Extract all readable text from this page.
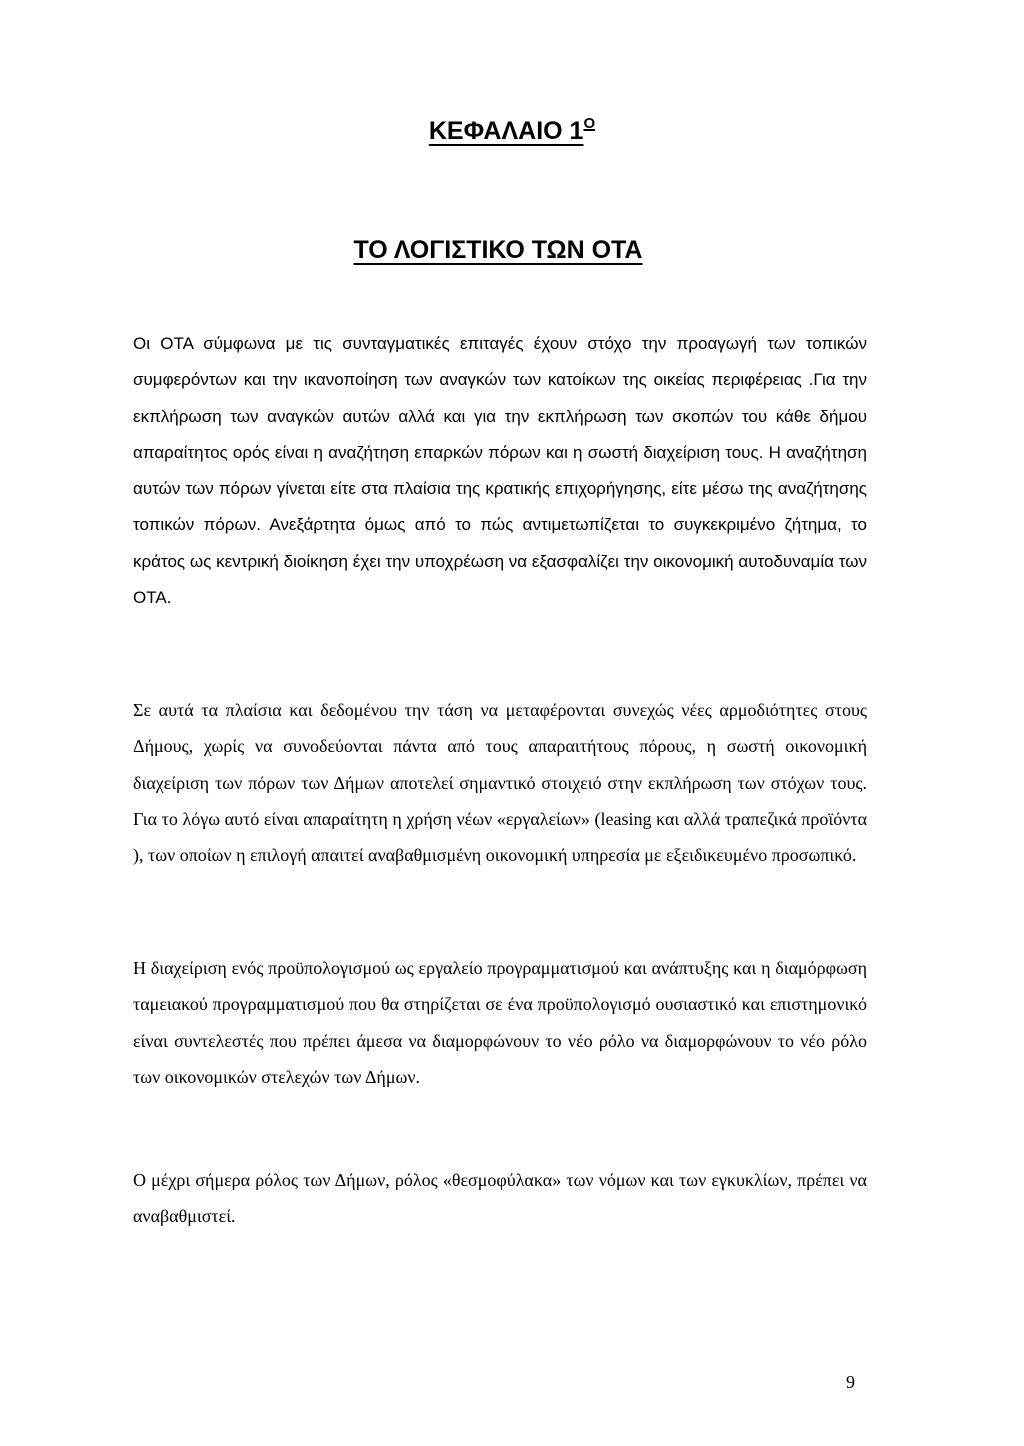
ΚΕΦΑΛΑΙΟ $1^O$
ΤΟ ΛΟΓΙΣΤΙΚΟ ΤΩΝ ΟΤΑ

Οι ΟΤΑ σύμφωνα με τις συνταγματικές επιταγές έχουν στόχο την προαγωγή των τοπικών συμφερόντων και την ικανοποίηση των αναγκών των κατοίκων της οικείας περιφέρειας .Για την εκπλήρωση των αναγκών αυτών αλλά και για την εκπλήρωση των σκοπών του κάθε δήμου απαραίτητος ορός είναι η αναζήτηση επαρκών πόρων και η σωστή διαχείριση τους. Η αναζήτηση αυτών των πόρων γίνεται είτε στα πλαίσια της κρατικής επιχορήγησης, είτε μέσω της αναζήτησης τοπικών πόρων. Ανεξάρτητα όμως από το πώς αντιμετωπίζεται το συγκεκριμένο ζήτημα, το κράτος ως κεντρική διοίκηση έχει την υποχρέωση να εξασφαλίζει την οικονομική αυτοδυναμία των ΟΤΑ.

Σε αυτά τα πλαίσια και δεδομένου την τάση να μεταφέρονται συνεχώς νέες αρμοδιότητες στους Δήμους, χωρίς να συνοδεύονται πάντα από τους απαραιτήτους πόρους, η σωστή οικονομική διαχείριση των πόρων των Δήμων αποτελεί σημαντικό στοιχειό στην εκπλήρωση των στόχων τους. Για το λόγω αυτό είναι απαραίτητη η χρήση νέων «εργαλείων» (leasing και αλλά τραπεζικά προϊόντα ), των οποίων η επιλογή απαιτεί αναβαθμισμένη οικονομική υπηρεσία με εξειδικευμένο προσωπικό.

Η διαχείριση ενός προϋπολογισμού ως εργαλείο προγραμματισμού και ανάπτυξης και η διαμόρφωση ταμειακού προγραμματισμού που θα στηρίζεται σε ένα προϋπολογισμό ουσιαστικό και επιστημονικό είναι συντελεστές που πρέπει άμεσα να διαμορφώνουν το νέο ρόλο να διαμορφώνουν το νέο ρόλο των οικονομικών στελεχών των Δήμων.

Ο μέχρι σήμερα ρόλος των Δήμων, ρόλος «θεσμοφύλακα» των νόμων και των εγκυκλίων, πρέπει να αναβαθμιστεί.

9
